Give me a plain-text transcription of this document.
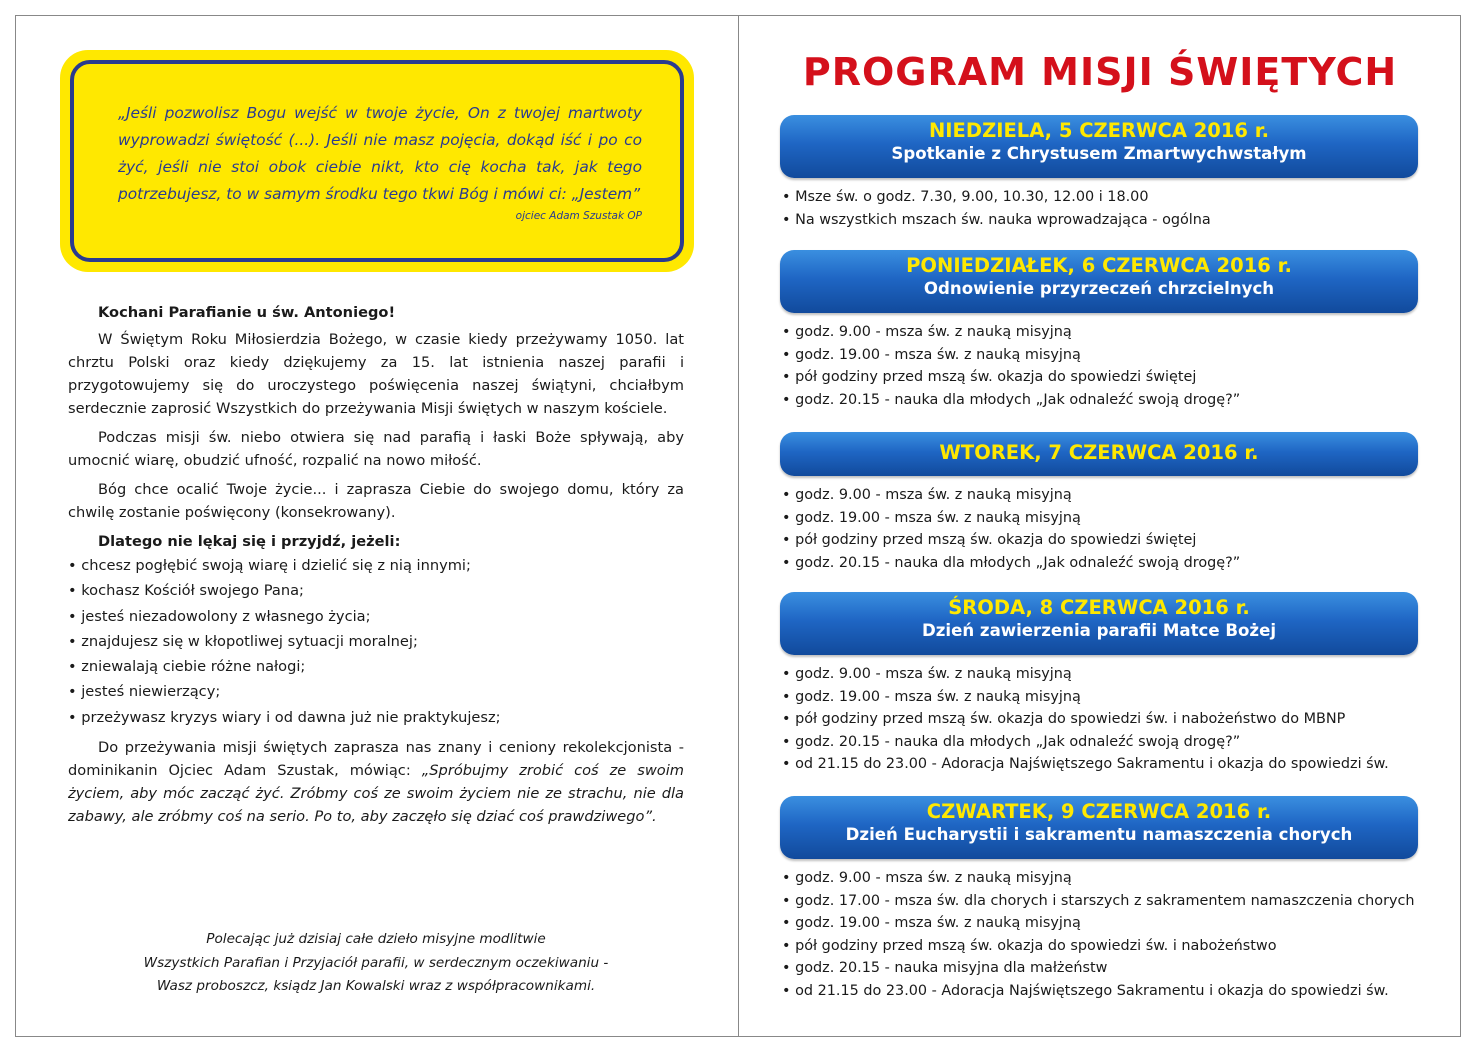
„Jeśli pozwolisz Bogu wejść w twoje życie, On z twojej martwoty wyprowadzi świętość (...). Jeśli nie masz pojęcia, dokąd iść i po co żyć, jeśli nie stoi obok ciebie nikt, kto cię kocha tak, jak tego potrzebujesz, to w samym środku tego tkwi Bóg i mówi ci: „Jestem”

ojciec Adam Szustak OP

Kochani Parafianie u św. Antoniego!

W Świętym Roku Miłosierdzia Bożego, w czasie kiedy przeżywamy 1050. lat chrztu Polski oraz kiedy dziękujemy za 15. lat istnienia naszej parafii i przygotowujemy się do uroczystego poświęcenia naszej świątyni, chciałbym serdecznie zaprosić Wszystkich do przeżywania Misji świętych w naszym kościele.

Podczas misji św. niebo otwiera się nad parafią i łaski Boże spływają, aby umocnić wiarę, obudzić ufność, rozpalić na nowo miłość.

Bóg chce ocalić Twoje życie... i zaprasza Ciebie do swojego domu, który za chwilę zostanie poświęcony (konsekrowany).

Dlatego nie lękaj się i przyjdź, jeżeli:

• chcesz pogłębić swoją wiarę i dzielić się z nią innymi;
• kochasz Kościół swojego Pana;
• jesteś niezadowolony z własnego życia;
• znajdujesz się w kłopotliwej sytuacji moralnej;
• zniewalają ciebie różne nałogi;
• jesteś niewierzący;
• przeżywasz kryzys wiary i od dawna już nie praktykujesz;

Do przeżywania misji świętych zaprasza nas znany i ceniony rekolekcjonista - dominikanin Ojciec Adam Szustak, mówiąc: „Spróbujmy zrobić coś ze swoim życiem, aby móc zacząć żyć. Zróbmy coś ze swoim życiem nie ze strachu, nie dla zabawy, ale zróbmy coś na serio. Po to, aby zaczęło się dziać coś prawdziwego”.

Polecając już dzisiaj całe dzieło misyjne modlitwie
Wszystkich Parafian i Przyjaciół parafii, w serdecznym oczekiwaniu -
Wasz proboszcz, ksiądz Jan Kowalski wraz z współpracownikami.
PROGRAM MISJI ŚWIĘTYCH
NIEDZIELA, 5 CZERWCA 2016 r.
Spotkanie z Chrystusem Zmartwychwstałym
• Msze św. o godz. 7.30, 9.00, 10.30, 12.00 i 18.00
• Na wszystkich mszach św. nauka wprowadzająca - ogólna
PONIEDZIAŁEK, 6 CZERWCA 2016 r.
Odnowienie przyrzeczeń chrzcielnych
• godz. 9.00 - msza św. z nauką misyjną
• godz. 19.00 - msza św. z nauką misyjną
• pół godziny przed mszą św. okazja do spowiedzi świętej
• godz. 20.15 - nauka dla młodych „Jak odnaleźć swoją drogę?”
WTOREK, 7 CZERWCA 2016 r.
• godz. 9.00 - msza św. z nauką misyjną
• godz. 19.00 - msza św. z nauką misyjną
• pół godziny przed mszą św. okazja do spowiedzi świętej
• godz. 20.15 - nauka dla młodych „Jak odnaleźć swoją drogę?”
ŚRODA, 8 CZERWCA 2016 r.
Dzień zawierzenia parafii Matce Bożej
• godz. 9.00 - msza św. z nauką misyjną
• godz. 19.00 - msza św. z nauką misyjną
• pół godziny przed mszą św. okazja do spowiedzi św. i nabożeństwo do MBNP
• godz. 20.15 - nauka dla młodych „Jak odnaleźć swoją drogę?”
• od 21.15 do 23.00 - Adoracja Najświętszego Sakramentu i okazja do spowiedzi św.
CZWARTEK, 9 CZERWCA 2016 r.
Dzień Eucharystii i sakramentu namaszczenia chorych
• godz. 9.00 - msza św. z nauką misyjną
• godz. 17.00 - msza św. dla chorych i starszych z sakramentem namaszczenia chorych
• godz. 19.00 - msza św. z nauką misyjną
• pół godziny przed mszą św. okazja do spowiedzi św. i nabożeństwo
• godz. 20.15 - nauka misyjna dla małżeństw
• od 21.15 do 23.00 - Adoracja Najświętszego Sakramentu i okazja do spowiedzi św.
